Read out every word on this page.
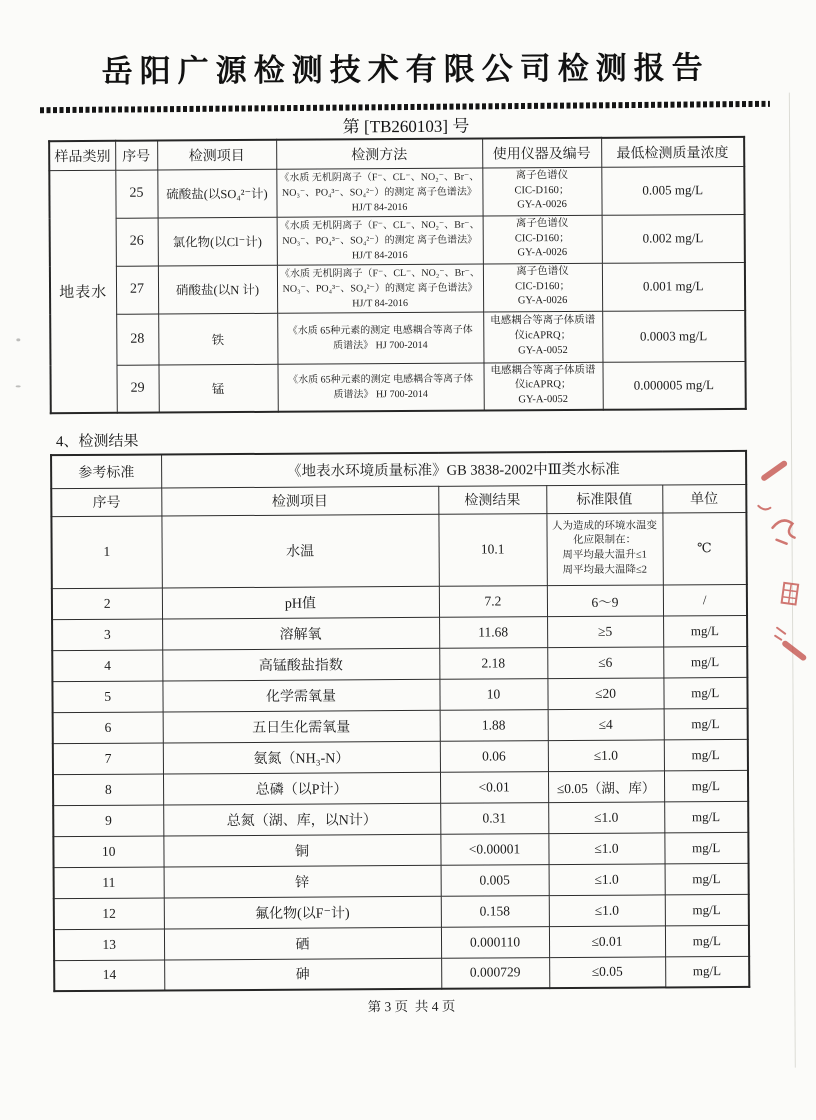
岳阳广源检测技术有限公司检测报告
第 [TB260103] 号
样品类别	序号	检测项目	检测方法	使用仪器及编号	最低检测质量浓度
地表水	25	硫酸盐(以SO₄²⁻计)	《水质 无机阴离子（F⁻、CL⁻、NO₂⁻、Br⁻、
NO₃⁻、PO₄³⁻、SO₄²⁻）的测定 离子色谱法》
HJ/T 84-2016	离子色谱仪
CIC-D160；
GY-A-0026	0.005 mg/L
	26	氯化物(以Cl⁻计)	《水质 无机阴离子（F⁻、CL⁻、NO₂⁻、Br⁻、
NO₃⁻、PO₄³⁻、SO₄²⁻）的测定 离子色谱法》
HJ/T 84-2016	离子色谱仪
CIC-D160；
GY-A-0026	0.002 mg/L
	27	硝酸盐(以N 计)	《水质 无机阴离子（F⁻、CL⁻、NO₂⁻、Br⁻、
NO₃⁻、PO₄³⁻、SO₄²⁻）的测定 离子色谱法》
HJ/T 84-2016	离子色谱仪
CIC-D160；
GY-A-0026	0.001 mg/L
	28	铁	《水质 65种元素的测定 电感耦合等离子体
质谱法》 HJ 700-2014	电感耦合等离子体质谱
仪icAPRQ；
GY-A-0052	0.0003 mg/L
	29	锰	《水质 65种元素的测定 电感耦合等离子体
质谱法》 HJ 700-2014	电感耦合等离子体质谱
仪icAPRQ；
GY-A-0052	0.000005 mg/L
4、检测结果
参考标准	《地表水环境质量标准》GB 3838-2002中Ⅲ类水标准			
序号	检测项目	检测结果	标准限值	单位
1	水温	10.1	人为造成的环境水温变
化应限制在：
周平均最大温升≤1
周平均最大温降≤2	℃
2	pH值	7.2	6～9	/
3	溶解氧	11.68	≥5	mg/L
4	高锰酸盐指数	2.18	≤6	mg/L
5	化学需氧量	10	≤20	mg/L
6	五日生化需氧量	1.88	≤4	mg/L
7	氨氮（NH₃-N）	0.06	≤1.0	mg/L
8	总磷（以P计）	<0.01	≤0.05（湖、库）	mg/L
9	总氮（湖、库，以N计）	0.31	≤1.0	mg/L
10	铜	<0.00001	≤1.0	mg/L
11	锌	0.005	≤1.0	mg/L
12	氟化物(以F⁻计)	0.158	≤1.0	mg/L
13	硒	0.000110	≤0.01	mg/L
14	砷	0.000729	≤0.05	mg/L
第 3 页  共 4 页
